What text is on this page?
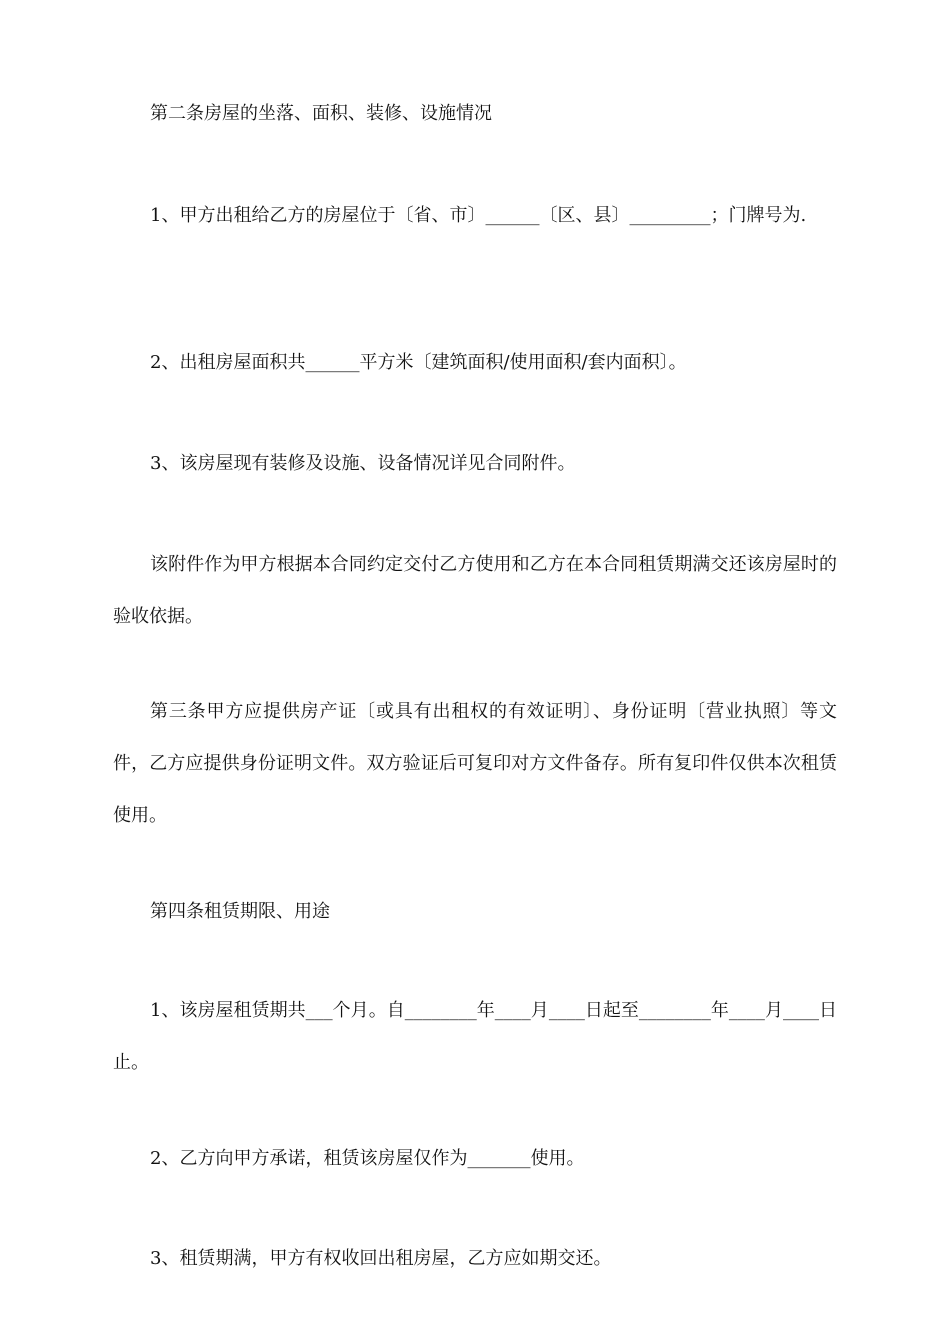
第二条房屋的坐落、面积、装修、设施情况

1、甲方出租给乙方的房屋位于〔省、市〕______〔区、县〕_________；门牌号为.

2、出租房屋面积共______平方米〔建筑面积/使用面积/套内面积〕。

3、该房屋现有装修及设施、设备情况详见合同附件。

该附件作为甲方根据本合同约定交付乙方使用和乙方在本合同租赁期满交还该房屋时的验收依据。

第三条甲方应提供房产证〔或具有出租权的有效证明〕、身份证明〔营业执照〕等文件，乙方应提供身份证明文件。双方验证后可复印对方文件备存。所有复印件仅供本次租赁使用。

第四条租赁期限、用途

1、该房屋租赁期共___个月。自________年____月____日起至________年____月____日止。

2、乙方向甲方承诺，租赁该房屋仅作为_______使用。

3、租赁期满，甲方有权收回出租房屋，乙方应如期交还。
